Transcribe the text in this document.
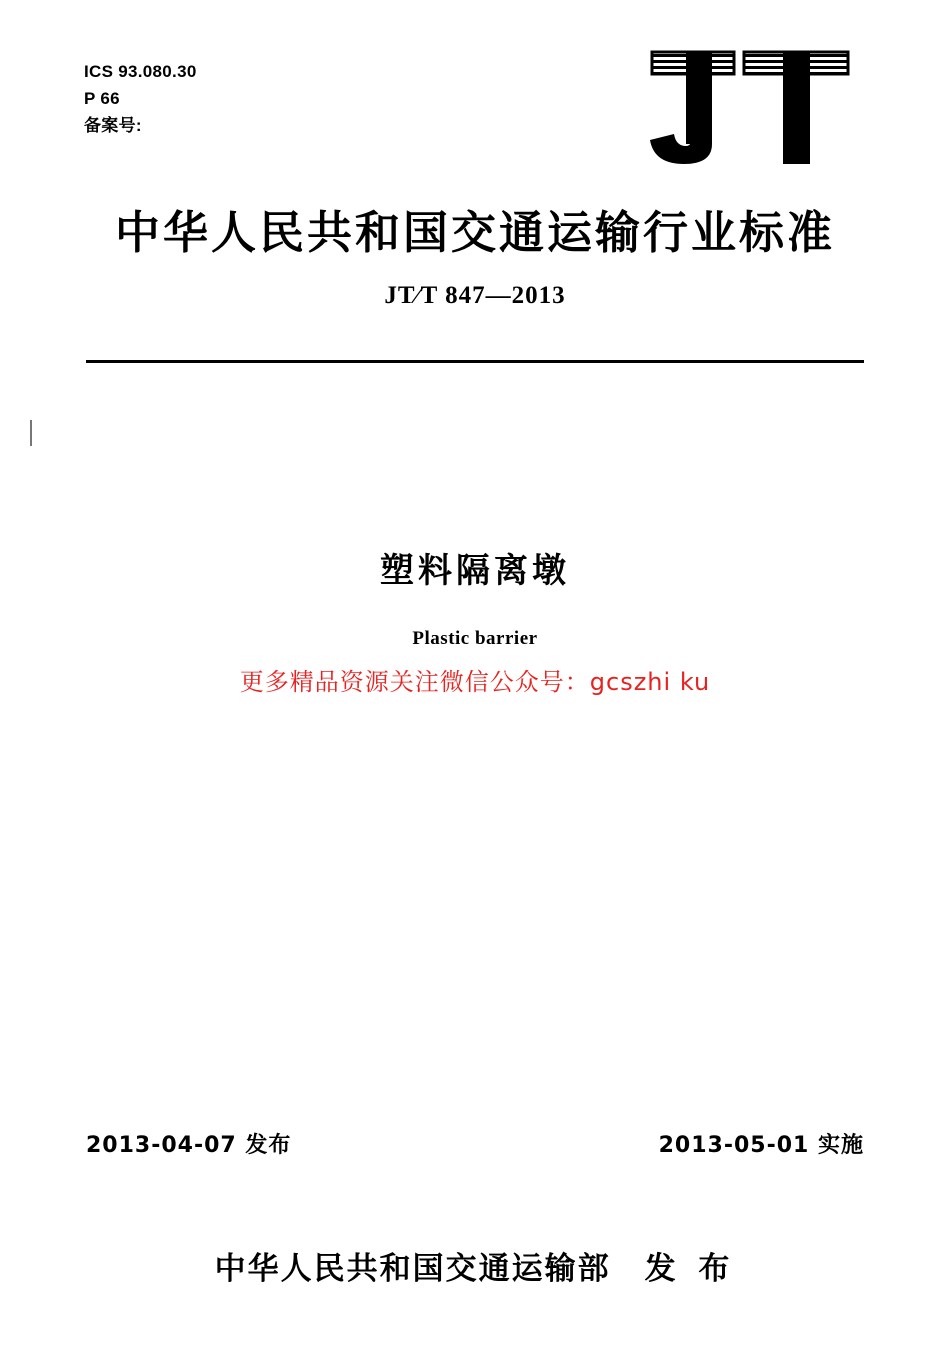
ICS 93.080.30
P 66
备案号:
中华人民共和国交通运输行业标准
JT∕T 847—2013
塑料隔离墩
Plastic barrier
更多精品资源关注微信公众号：gcszhi ku
2013-04-07 发布	2013-05-01 实施
中华人民共和国交通运输部 发 布
